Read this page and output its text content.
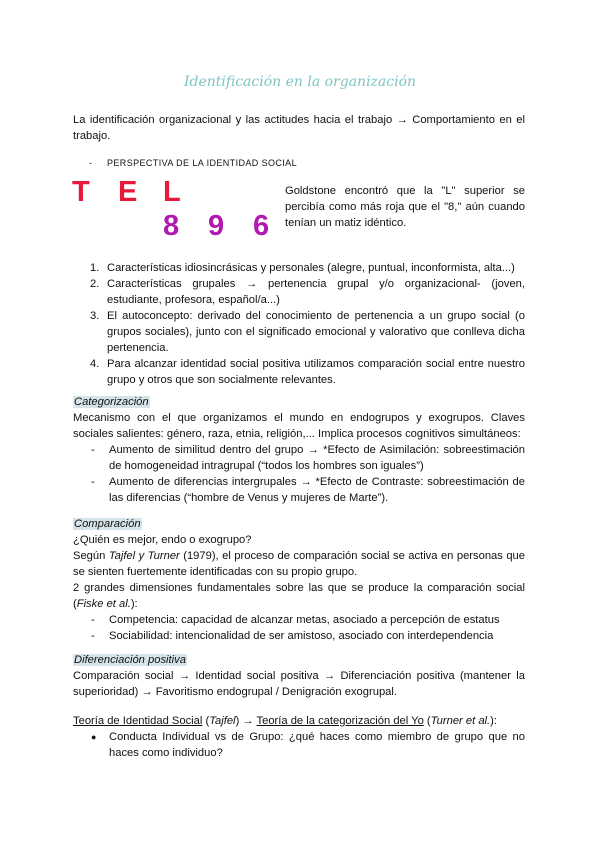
Identificación en la organización
La identificación organizacional y las actitudes hacia el trabajo → Comportamiento en el trabajo.
- PERSPECTIVA DE LA IDENTIDAD SOCIAL
T E L
8 9 6
Goldstone encontró que la "L" superior se percibía como más roja que el "8," aún cuando tenían un matiz idéntico.
1. Características idiosincrásicas y personales (alegre, puntual, inconformista, alta...)
2. Características grupales → pertenencia grupal y/o organizacional- (joven, estudiante, profesora, español/a...)
3. El autoconcepto: derivado del conocimiento de pertenencia a un grupo social (o grupos sociales), junto con el significado emocional y valorativo que conlleva dicha pertenencia.
4. Para alcanzar identidad social positiva utilizamos comparación social entre nuestro grupo y otros que son socialmente relevantes.
Categorización
Mecanismo con el que organizamos el mundo en endogrupos y exogrupos. Claves sociales salientes: género, raza, etnia, religión,... Implica procesos cognitivos simultáneos:
- Aumento de similitud dentro del grupo → *Efecto de Asimilación: sobreestimación de homogeneidad intragrupal (“todos los hombres son iguales”)
- Aumento de diferencias intergrupales → *Efecto de Contraste: sobreestimación de las diferencias (“hombre de Venus y mujeres de Marte”).
Comparación
¿Quién es mejor, endo o exogrupo?
Según Tajfel y Turner (1979), el proceso de comparación social se activa en personas que se sienten fuertemente identificadas con su propio grupo.
2 grandes dimensiones fundamentales sobre las que se produce la comparación social (Fiske et al.):
- Competencia: capacidad de alcanzar metas, asociado a percepción de estatus
- Sociabilidad: intencionalidad de ser amistoso, asociado con interdependencia
Diferenciación positiva
Comparación social → Identidad social positiva → Diferenciación positiva (mantener la superioridad) → Favoritismo endogrupal / Denigración exogrupal.
Teoría de Identidad Social (Tajfel) → Teoría de la categorización del Yo (Turner et al.):
● Conducta Individual vs de Grupo: ¿qué haces como miembro de grupo que no haces como individuo?
